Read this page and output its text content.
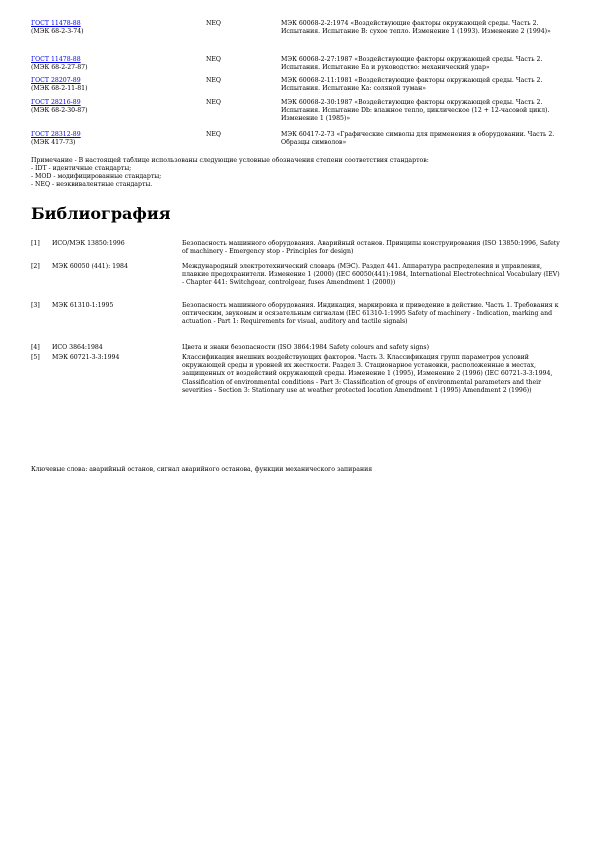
ГОСТ 11478-88
(МЭК 68-2-3-74)
NEQ	МЭК 60068-2-2:1974 «Воздействующие факторы окружающей среды. Часть 2. Испытания. Испытание В: сухое тепло. Изменение 1 (1993). Изменение 2 (1994)»
ГОСТ 11478-88
(МЭК 68-2-27-87)
NEQ	МЭК 60068-2-27:1987 «Воздействующие факторы окружающей среды. Часть 2. Испытания. Испытание Еа и руководство: механический удар»
ГОСТ 28207-89
(МЭК 68-2-11-81)
NEQ	МЭК 60068-2-11:1981 «Воздействующие факторы окружающей среды. Часть 2. Испытания. Испытание Ка: соляной туман»
ГОСТ 28216-89
(МЭК 68-2-30-87)
NEQ	МЭК 60068-2-30:1987 «Воздействующие факторы окружающей среды. Часть 2. Испытания. Испытание Db: влажное тепло, циклическое (12 + 12-часовой цикл). Изменение 1 (1985)»
ГОСТ 28312-89
(МЭК 417-73)
NEQ	МЭК 60417-2-73 «Графические символы для применения в оборудовании. Часть 2. Образцы символов»
Примечание - В настоящей таблице использованы следующие условные обозначения степени соответствия стандартов:
- IDT - идентичные стандарты;
- MOD - модифицированные стандарты;
- NEQ - неэквивалентные стандарты.
Библиография
[1]	ИСО/МЭК 13850:1996	Безопасность машинного оборудования. Аварийный останов. Принципы конструирования (ISO 13850:1996, Safety of machinery - Emergency stop - Principles for design)
[2]	МЭК 60050 (441): 1984	Международный электротехнический словарь (МЭС). Раздел 441. Аппаратура распределения и управления, плавкие предохранители. Изменение 1 (2000) (IEC 60050(441):1984, International Electrotechnical Vocabulary (IEV) - Chapter 441: Switchgear, controlgear, fuses Amendment 1 (2000))
[3]	МЭК 61310-1:1995	Безопасность машинного оборудования. Индикация, маркировка и приведение в действие. Часть 1. Требования к оптическим, звуковым и осязательным сигналам (IEC 61310-1:1995 Safety of machinery - Indication, marking and actuation - Part 1: Requirements for visual, auditory and tactile signals)
[4]	ИСО 3864:1984	Цвета и знаки безопасности (ISO 3864:1984 Safety colours and safety signs)
[5]	МЭК 60721-3-3:1994	Классификация внешних воздействующих факторов. Часть 3. Классификация групп параметров условий окружающей среды и уровней их жесткости. Раздел 3. Стационарное установки, расположенные в местах, защищенных от воздействий окружающей среды. Изменение 1 (1995), Изменение 2 (1996) (IEC 60721-3-3:1994, Classification of environmental conditions - Part 3: Classification of groups of environmental parameters and their severities - Section 3: Stationary use at weather protected location Amendment 1 (1995) Amendment 2 (1996))
Ключевые слова: аварийный останов, сигнал аварийного останова, функции механического запирания
